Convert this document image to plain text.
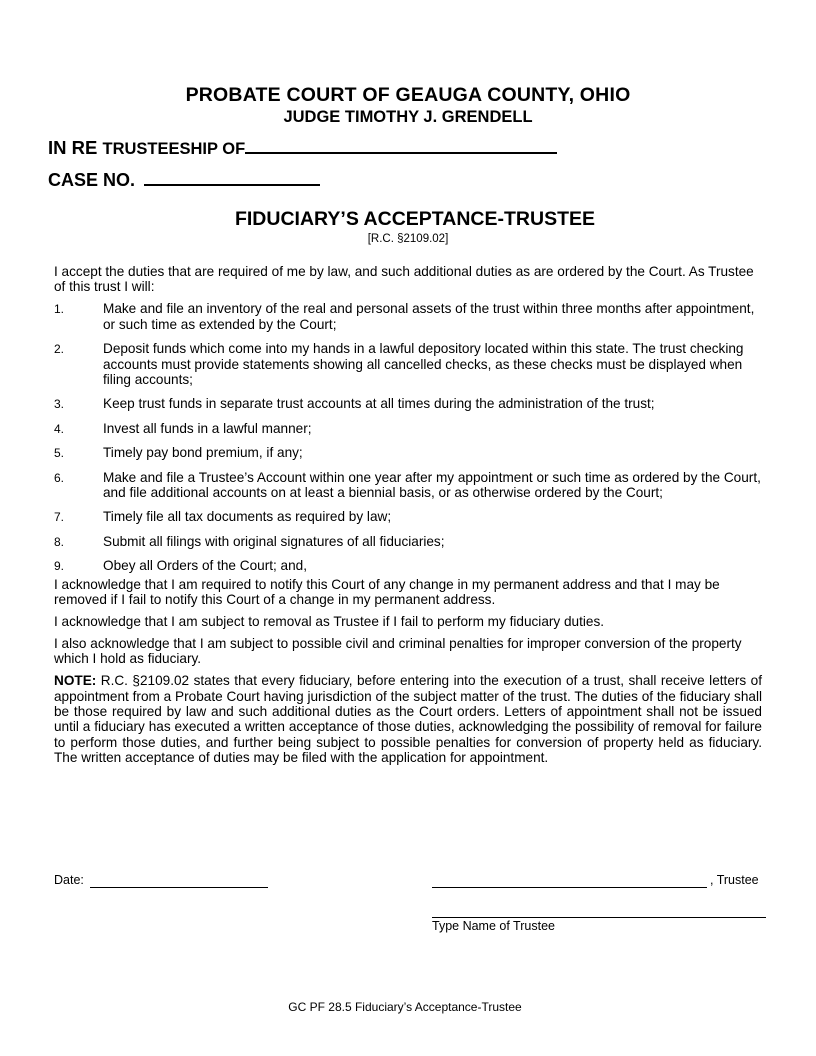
PROBATE COURT OF GEAUGA COUNTY, OHIO
JUDGE TIMOTHY J. GRENDELL
IN RE TRUSTEESHIP OF
CASE NO.
FIDUCIARY’S ACCEPTANCE-TRUSTEE
[R.C. §2109.02]

I accept the duties that are required of me by law, and such additional duties as are ordered by the Court. As Trustee of this trust I will:

1.	Make and file an inventory of the real and personal assets of the trust within three months after appointment, or such time as extended by the Court;
2.	Deposit funds which come into my hands in a lawful depository located within this state. The trust checking accounts must provide statements showing all cancelled checks, as these checks must be displayed when filing accounts;
3.	Keep trust funds in separate trust accounts at all times during the administration of the trust;
4.	Invest all funds in a lawful manner;
5.	Timely pay bond premium, if any;
6.	Make and file a Trustee’s Account within one year after my appointment or such time as ordered by the Court, and file additional accounts on at least a biennial basis, or as otherwise ordered by the Court;
7.	Timely file all tax documents as required by law;
8.	Submit all filings with original signatures of all fiduciaries;
9.	Obey all Orders of the Court; and,

I acknowledge that I am required to notify this Court of any change in my permanent address and that I may be removed if I fail to notify this Court of a change in my permanent address.

I acknowledge that I am subject to removal as Trustee if I fail to perform my fiduciary duties.

I also acknowledge that I am subject to possible civil and criminal penalties for improper conversion of the property which I hold as fiduciary.

NOTE: R.C. §2109.02 states that every fiduciary, before entering into the execution of a trust, shall receive letters of appointment from a Probate Court having jurisdiction of the subject matter of the trust. The duties of the fiduciary shall be those required by law and such additional duties as the Court orders. Letters of appointment shall not be issued until a fiduciary has executed a written acceptance of those duties, acknowledging the possibility of removal for failure to perform those duties, and further being subject to possible penalties for conversion of property held as fiduciary. The written acceptance of duties may be filed with the application for appointment.

Date:	, Trustee
Type Name of Trustee
GC PF 28.5 Fiduciary’s Acceptance-Trustee
